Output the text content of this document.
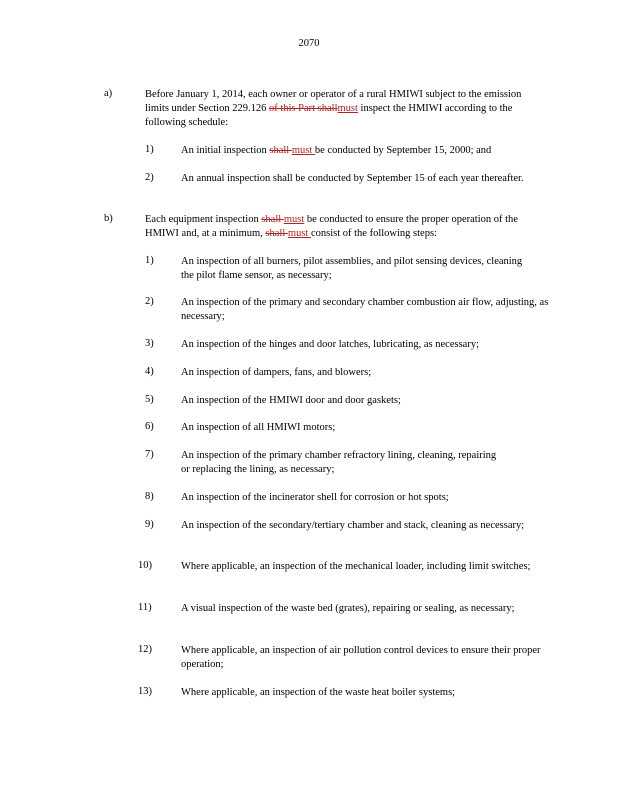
2070
a)	Before January 1, 2014, each owner or operator of a rural HMIWI subject to the emission limits under Section 229.126 of this Part shallmust inspect the HMIWI according to the following schedule:
1)	An initial inspection shall must be conducted by September 15, 2000; and
2)	An annual inspection shall be conducted by September 15 of each year thereafter.
b)	Each equipment inspection shall must be conducted to ensure the proper operation of the HMIWI and, at a minimum, shall must consist of the following steps:
1)	An inspection of all burners, pilot assemblies, and pilot sensing devices, cleaning the pilot flame sensor, as necessary;
2)	An inspection of the primary and secondary chamber combustion air flow, adjusting, as necessary;
3)	An inspection of the hinges and door latches, lubricating, as necessary;
4)	An inspection of dampers, fans, and blowers;
5)	An inspection of the HMIWI door and door gaskets;
6)	An inspection of all HMIWI motors;
7)	An inspection of the primary chamber refractory lining, cleaning, repairing or replacing the lining, as necessary;
8)	An inspection of the incinerator shell for corrosion or hot spots;
9)	An inspection of the secondary/tertiary chamber and stack, cleaning as necessary;
10)	Where applicable, an inspection of the mechanical loader, including limit switches;
11)	A visual inspection of the waste bed (grates), repairing or sealing, as necessary;
12)	Where applicable, an inspection of air pollution control devices to ensure their proper operation;
13)	Where applicable, an inspection of the waste heat boiler systems;
